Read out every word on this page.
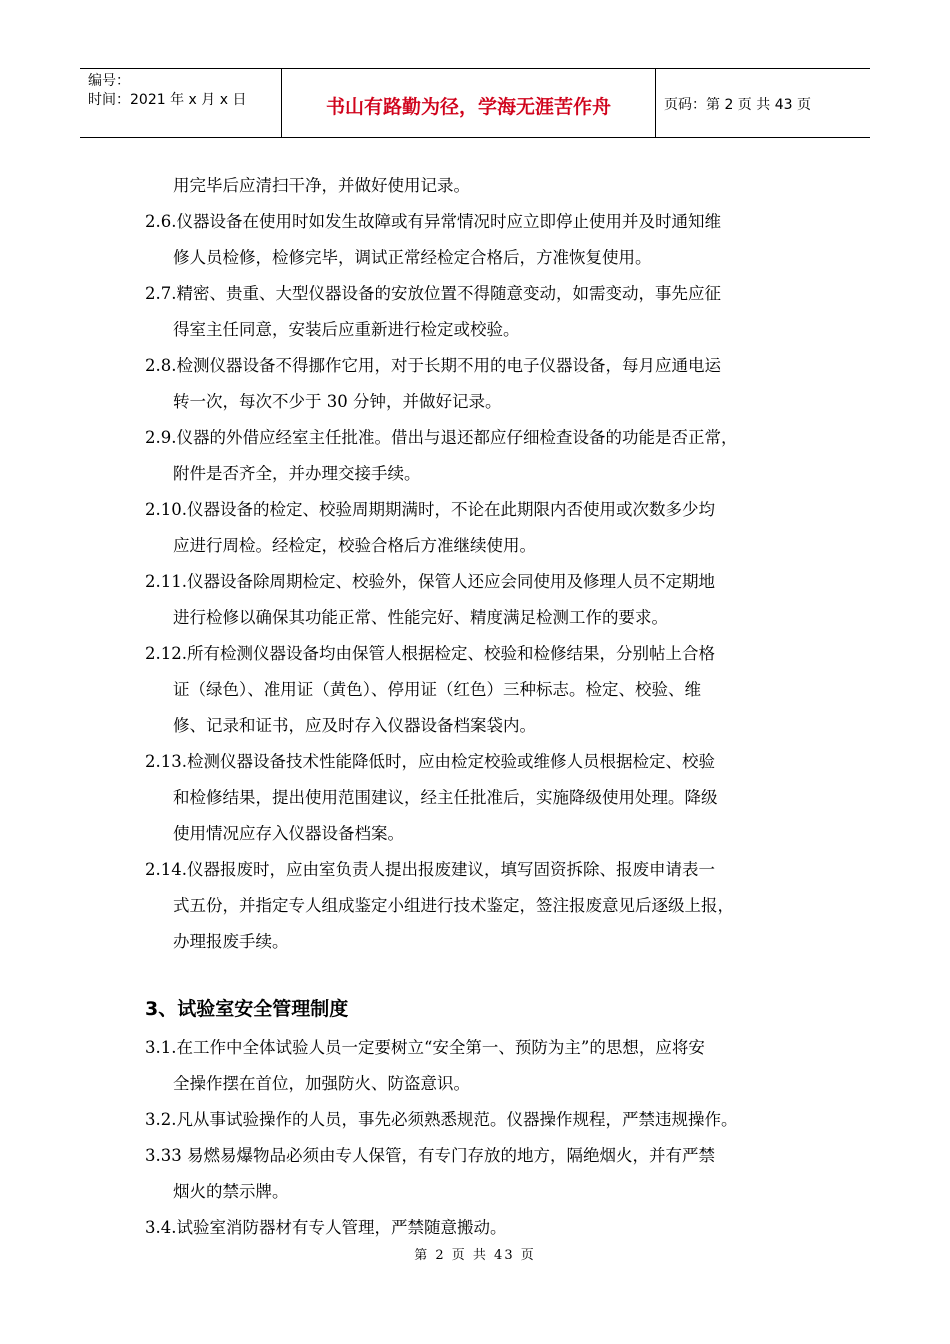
编号：
时间：2021 年 x 月 x 日	书山有路勤为径，学海无涯苦作舟	页码：第 2 页 共 43 页
用完毕后应清扫干净，并做好使用记录。
2.6.仪器设备在使用时如发生故障或有异常情况时应立即停止使用并及时通知维
修人员检修，检修完毕，调试正常经检定合格后，方准恢复使用。
2.7.精密、贵重、大型仪器设备的安放位置不得随意变动，如需变动，事先应征
得室主任同意，安装后应重新进行检定或校验。
2.8.检测仪器设备不得挪作它用，对于长期不用的电子仪器设备，每月应通电运
转一次，每次不少于 30 分钟，并做好记录。
2.9.仪器的外借应经室主任批准。借出与退还都应仔细检查设备的功能是否正常，
附件是否齐全，并办理交接手续。
2.10.仪器设备的检定、校验周期期满时，不论在此期限内否使用或次数多少均
应进行周检。经检定，校验合格后方准继续使用。
2.11.仪器设备除周期检定、校验外，保管人还应会同使用及修理人员不定期地
进行检修以确保其功能正常、性能完好、精度满足检测工作的要求。
2.12.所有检测仪器设备均由保管人根据检定、校验和检修结果，分别帖上合格
证（绿色）、准用证（黄色）、停用证（红色）三种标志。检定、校验、维
修、记录和证书，应及时存入仪器设备档案袋内。
2.13.检测仪器设备技术性能降低时，应由检定校验或维修人员根据检定、校验
和检修结果，提出使用范围建议，经主任批准后，实施降级使用处理。降级
使用情况应存入仪器设备档案。
2.14.仪器报废时，应由室负责人提出报废建议，填写固资拆除、报废申请表一
式五份，并指定专人组成鉴定小组进行技术鉴定，签注报废意见后逐级上报，
办理报废手续。
3、试验室安全管理制度
3.1.在工作中全体试验人员一定要树立“安全第一、预防为主”的思想，应将安
全操作摆在首位，加强防火、防盗意识。
3.2.凡从事试验操作的人员，事先必须熟悉规范。仪器操作规程，严禁违规操作。
3.33 易燃易爆物品必须由专人保管，有专门存放的地方，隔绝烟火，并有严禁
烟火的禁示牌。
3.4.试验室消防器材有专人管理，严禁随意搬动。
第 2 页 共 43 页
